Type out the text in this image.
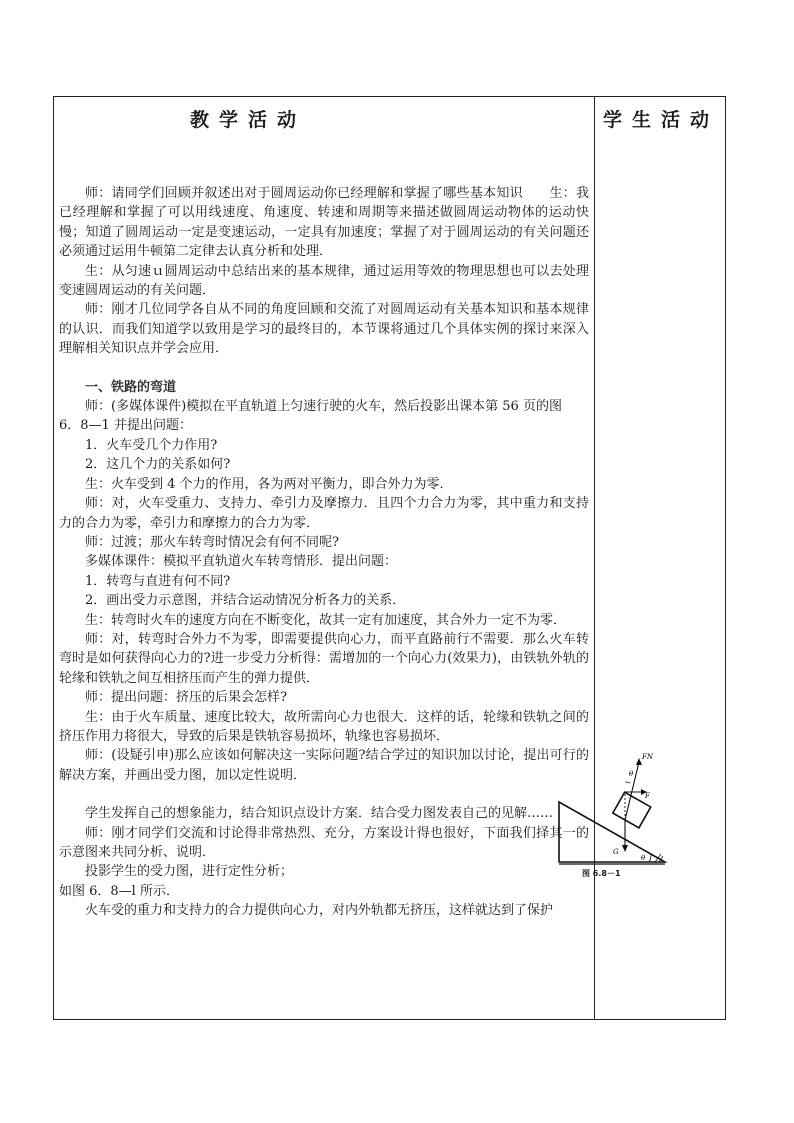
教学活动	学生活动

师：请同学们回顾并叙述出对于圆周运动你已经理解和掌握了哪些基本知识　　生：我已经理解和掌握了可以用线速度、角速度、转速和周期等来描述做圆周运动物体的运动快慢；知道了圆周运动一定是变速运动，一定具有加速度；掌握了对于圆周运动的有关问题还必须通过运用牛顿第二定律去认真分析和处理．

生：从匀速ｕ圆周运动中总结出来的基本规律，通过运用等效的物理思想也可以去处理变速圆周运动的有关问题．

师：刚才几位同学各自从不同的角度回顾和交流了对圆周运动有关基本知识和基本规律的认识．而我们知道学以致用是学习的最终目的，本节课将通过几个具体实例的探讨来深入理解相关知识点并学会应用．

一、铁路的弯道

师：(多媒体课件)模拟在平直轨道上匀速行驶的火车，然后投影出课本第 56 页的图

6．8—1 并提出问题：

1．火车受几个力作用?

2．这几个力的关系如何?

生：火车受到 4 个力的作用，各为两对平衡力，即合外力为零．

师：对，火车受重力、支持力、牵引力及摩擦力．且四个力合力为零，其中重力和支持力的合力为零，牵引力和摩擦力的合力为零．

师：过渡；那火车转弯时情况会有何不同呢?

多媒体课件：模拟平直轨道火车转弯情形．提出问题：

1．转弯与直进有何不同?

2．画出受力示意图，并结合运动情况分析各力的关系．

生：转弯时火车的速度方向在不断变化，故其一定有加速度，其合外力一定不为零．

师：对，转弯时合外力不为零，即需要提供向心力，而平直路前行不需要．那么火车转弯时是如何获得向心力的?进一步受力分析得：需增加的一个向心力(效果力)，由铁轨外轨的轮缘和铁轨之间互相挤压而产生的弹力提供．

师：提出问题：挤压的后果会怎样?

生：由于火车质量、速度比较大，故所需向心力也很大．这样的话，轮缘和铁轨之间的挤压作用力将很大，导致的后果是铁轨容易损坏，轨缘也容易损坏．

师：(设疑引申)那么应该如何解决这一实际问题?结合学过的知识加以讨论，提出可行的解决方案，并画出受力图，加以定性说明．

学生发挥自己的想象能力，结合知识点设计方案．结合受力图发表自己的见解……

师：刚才同学们交流和讨论得非常热烈、充分，方案设计得也很好，下面我们择其一的示意图来共同分析、说明．

投影学生的受力图，进行定性分析；

如图 6．8—l 所示．

火车受的重力和支持力的合力提供向心力，对内外轨都无挤压，这样就达到了保护

FN
θ
F
G
θ
图 6.8－1
